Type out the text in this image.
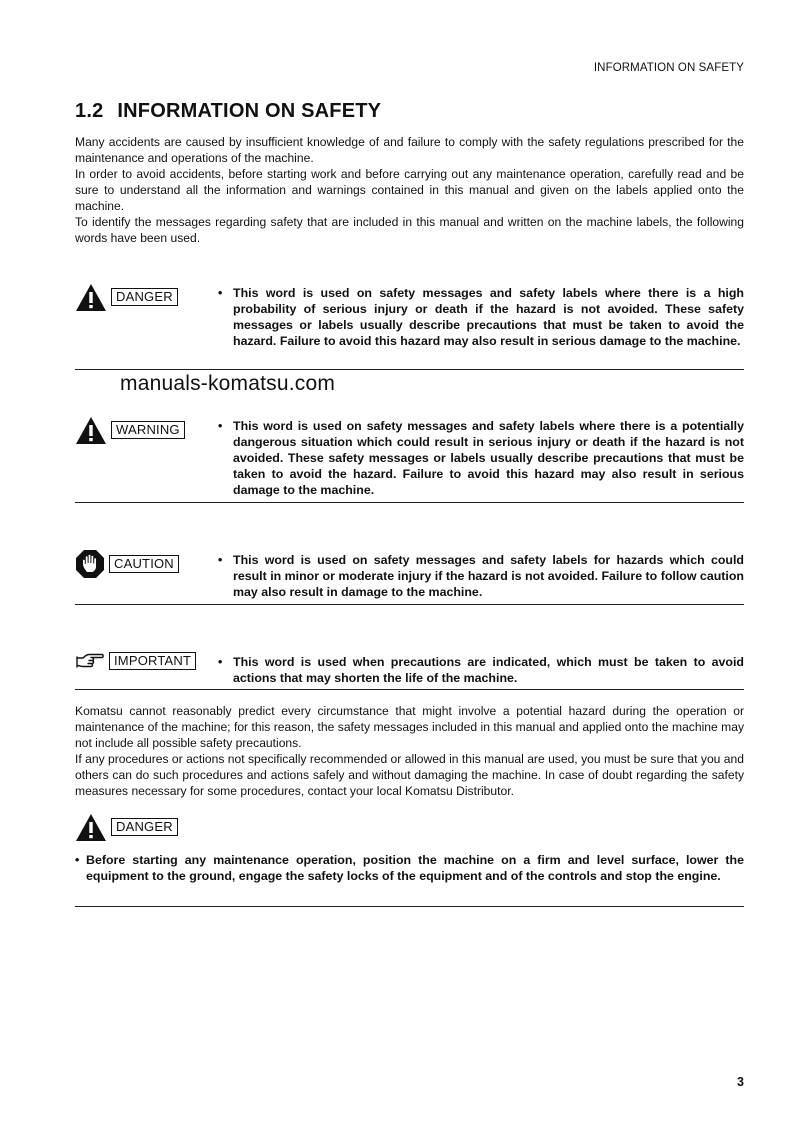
INFORMATION ON SAFETY
1.2 INFORMATION ON SAFETY

Many accidents are caused by insufficient knowledge of and failure to comply with the safety regulations prescribed for the maintenance and operations of the machine.

In order to avoid accidents, before starting work and before carrying out any maintenance operation, carefully read and be sure to understand all the information and warnings contained in this manual and given on the labels applied onto the machine.

To identify the messages regarding safety that are included in this manual and written on the machine labels, the following words have been used.

DANGER	• This word is used on safety messages and safety labels where there is a high probability of serious injury or death if the hazard is not avoided. These safety messages or labels usually describe precautions that must be taken to avoid the hazard. Failure to avoid this hazard may also result in serious damage to the machine.
manuals-komatsu.com
WARNING	• This word is used on safety messages and safety labels where there is a potentially dangerous situation which could result in serious injury or death if the hazard is not avoided. These safety messages or labels usually describe precautions that must be taken to avoid the hazard. Failure to avoid this hazard may also result in serious damage to the machine.
CAUTION	• This word is used on safety messages and safety labels for hazards which could result in minor or moderate injury if the hazard is not avoided. Failure to follow caution may also result in damage to the machine.
IMPORTANT	• This word is used when precautions are indicated, which must be taken to avoid actions that may shorten the life of the machine.

Komatsu cannot reasonably predict every circumstance that might involve a potential hazard during the operation or maintenance of the machine; for this reason, the safety messages included in this manual and applied onto the machine may not include all possible safety precautions.

If any procedures or actions not specifically recommended or allowed in this manual are used, you must be sure that you and others can do such procedures and actions safely and without damaging the machine. In case of doubt regarding the safety measures necessary for some procedures, contact your local Komatsu Distributor.

DANGER
• Before starting any maintenance operation, position the machine on a firm and level surface, lower the equipment to the ground, engage the safety locks of the equipment and of the controls and stop the engine.
3
